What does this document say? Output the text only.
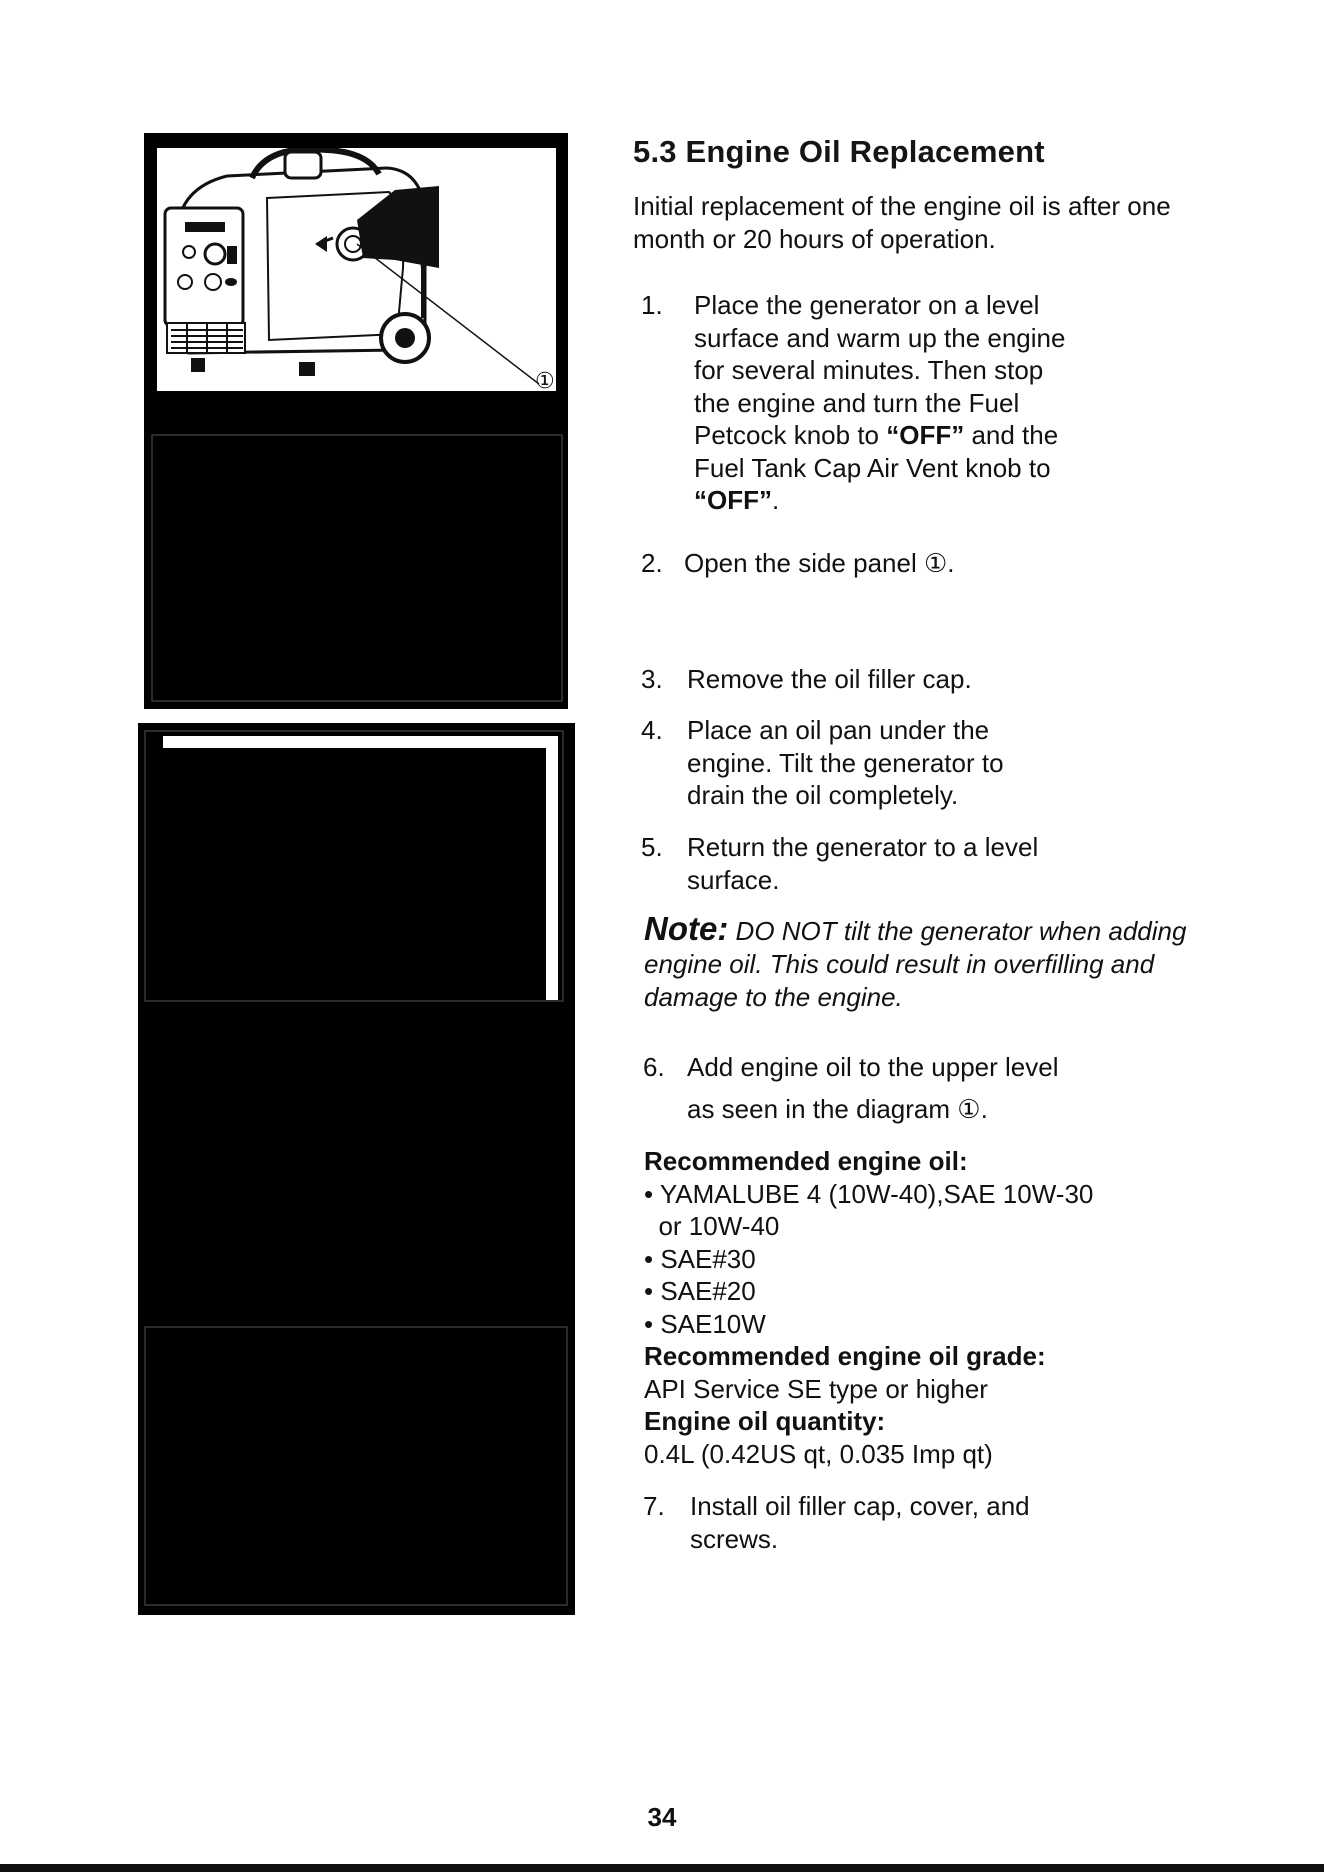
①
5.3 Engine Oil Replacement
Initial replacement of the engine oil is after one month or 20 hours of operation.
1. Place the generator on a level
surface and warm up the engine
for several minutes. Then stop
the engine and turn the Fuel
Petcock knob to “OFF” and the
Fuel Tank Cap Air Vent knob to
“OFF”.
2. Open the side panel ①.
3. Remove the oil filler cap.
4. Place an oil pan under the
engine. Tilt the generator to
drain the oil completely.
5. Return the generator to a level
surface.
Note: DO NOT tilt the generator when adding engine oil. This could result in overfilling and damage to the engine.
6. Add engine oil to the upper level
as seen in the diagram ①.
Recommended engine oil:
• YAMALUBE 4 (10W-40),SAE 10W-30
or 10W-40
• SAE#30
• SAE#20
• SAE10W
Recommended engine oil grade:
API Service SE type or higher
Engine oil quantity:
0.4L (0.42US qt, 0.035 Imp qt)
7. Install oil filler cap, cover, and
screws.
34
